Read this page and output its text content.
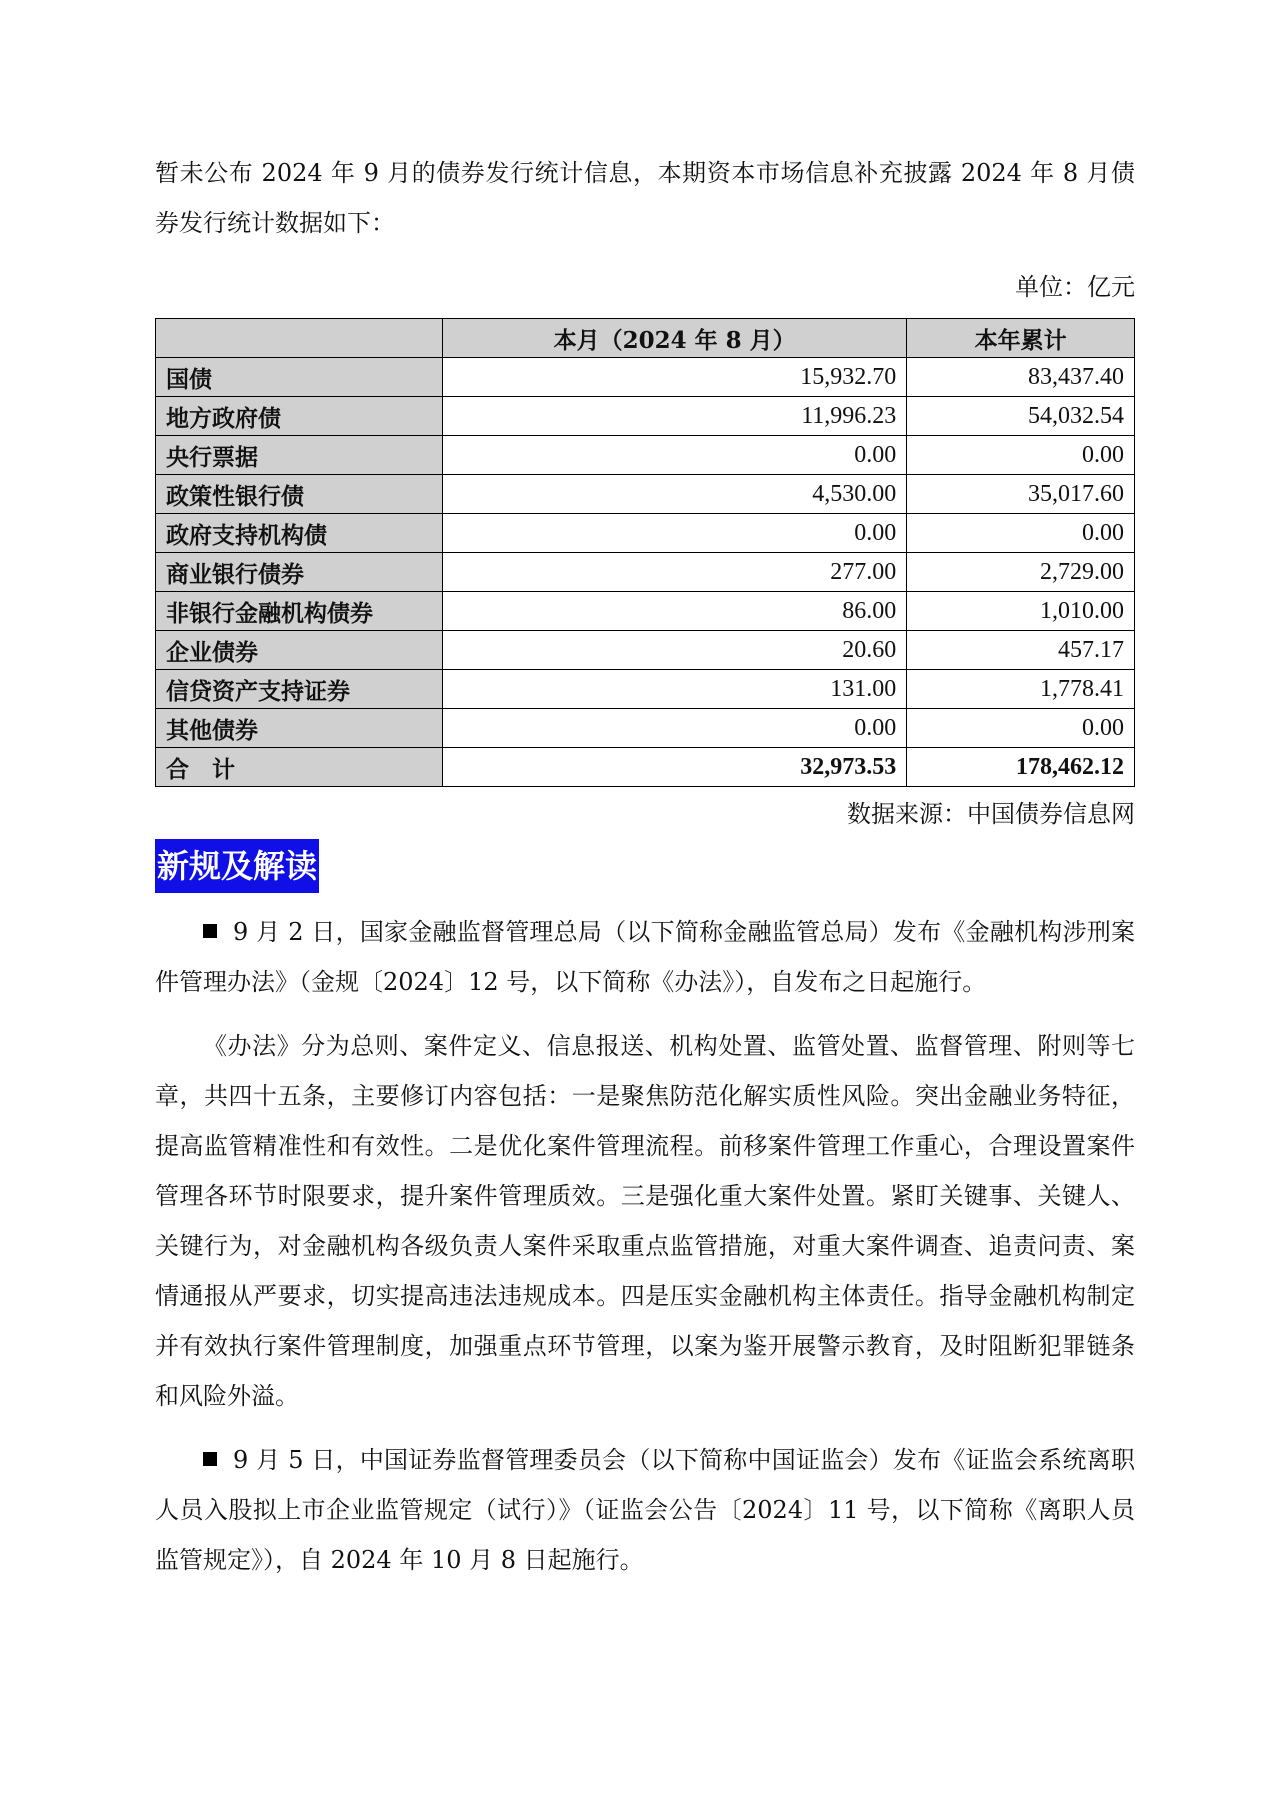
暂未公布 2024 年 9 月的债券发行统计信息，本期资本市场信息补充披露 2024 年 8 月债券发行统计数据如下：

单位：亿元
	本月（2024 年 8 月）	本年累计
国债	15,932.70	83,437.40
地方政府债	11,996.23	54,032.54
央行票据	0.00	0.00
政策性银行债	4,530.00	35,017.60
政府支持机构债	0.00	0.00
商业银行债券	277.00	2,729.00
非银行金融机构债券	86.00	1,010.00
企业债券	20.60	457.17
信贷资产支持证券	131.00	1,778.41
其他债券	0.00	0.00
合　计	32,973.53	178,462.12
数据来源：中国债券信息网
新规及解读

9 月 2 日，国家金融监督管理总局（以下简称金融监管总局）发布《金融机构涉刑案件管理办法》（金规〔2024〕12 号，以下简称《办法》），自发布之日起施行。

《办法》分为总则、案件定义、信息报送、机构处置、监管处置、监督管理、附则等七章，共四十五条，主要修订内容包括：一是聚焦防范化解实质性风险。突出金融业务特征，提高监管精准性和有效性。二是优化案件管理流程。前移案件管理工作重心，合理设置案件管理各环节时限要求，提升案件管理质效。三是强化重大案件处置。紧盯关键事、关键人、关键行为，对金融机构各级负责人案件采取重点监管措施，对重大案件调查、追责问责、案情通报从严要求，切实提高违法违规成本。四是压实金融机构主体责任。指导金融机构制定并有效执行案件管理制度，加强重点环节管理，以案为鉴开展警示教育，及时阻断犯罪链条和风险外溢。

9 月 5 日，中国证券监督管理委员会（以下简称中国证监会）发布《证监会系统离职人员入股拟上市企业监管规定（试行）》（证监会公告〔2024〕11 号，以下简称《离职人员监管规定》），自 2024 年 10 月 8 日起施行。
